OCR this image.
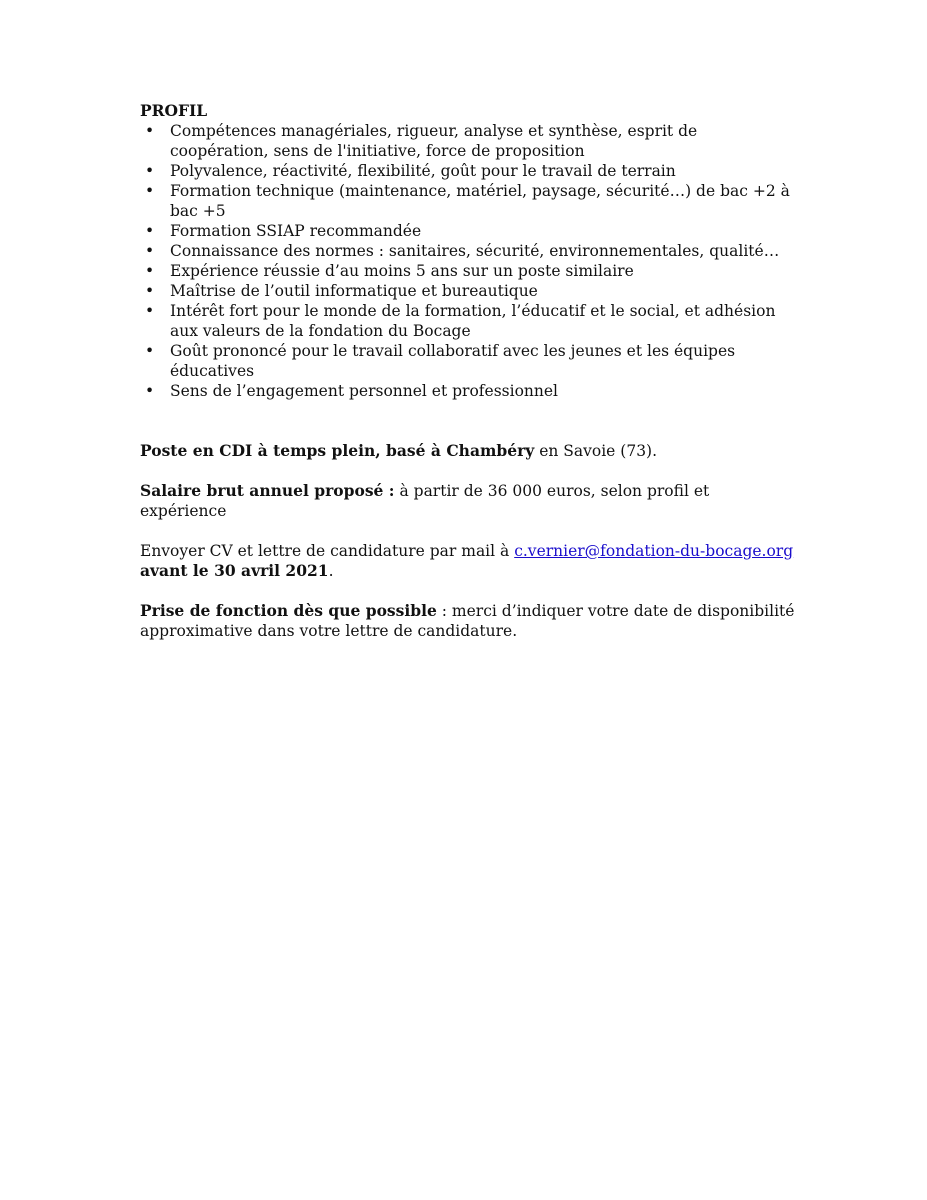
PROFIL

• Compétences managériales, rigueur, analyse et synthèse, esprit de coopération, sens de l'initiative, force de proposition
• Polyvalence, réactivité, flexibilité, goût pour le travail de terrain
• Formation technique (maintenance, matériel, paysage, sécurité…) de bac +2 à bac +5
• Formation SSIAP recommandée
• Connaissance des normes : sanitaires, sécurité, environnementales, qualité…
• Expérience réussie d’au moins 5 ans sur un poste similaire
• Maîtrise de l’outil informatique et bureautique
• Intérêt fort pour le monde de la formation, l’éducatif et le social, et adhésion aux valeurs de la fondation du Bocage
• Goût prononcé pour le travail collaboratif avec les jeunes et les équipes éducatives
• Sens de l’engagement personnel et professionnel

Poste en CDI à temps plein, basé à Chambéry en Savoie (73).

Salaire brut annuel proposé : à partir de 36 000 euros, selon profil et expérience

Envoyer CV et lettre de candidature par mail à c.vernier@fondation-du-bocage.org
avant le 30 avril 2021.

Prise de fonction dès que possible : merci d’indiquer votre date de disponibilité approximative dans votre lettre de candidature.
